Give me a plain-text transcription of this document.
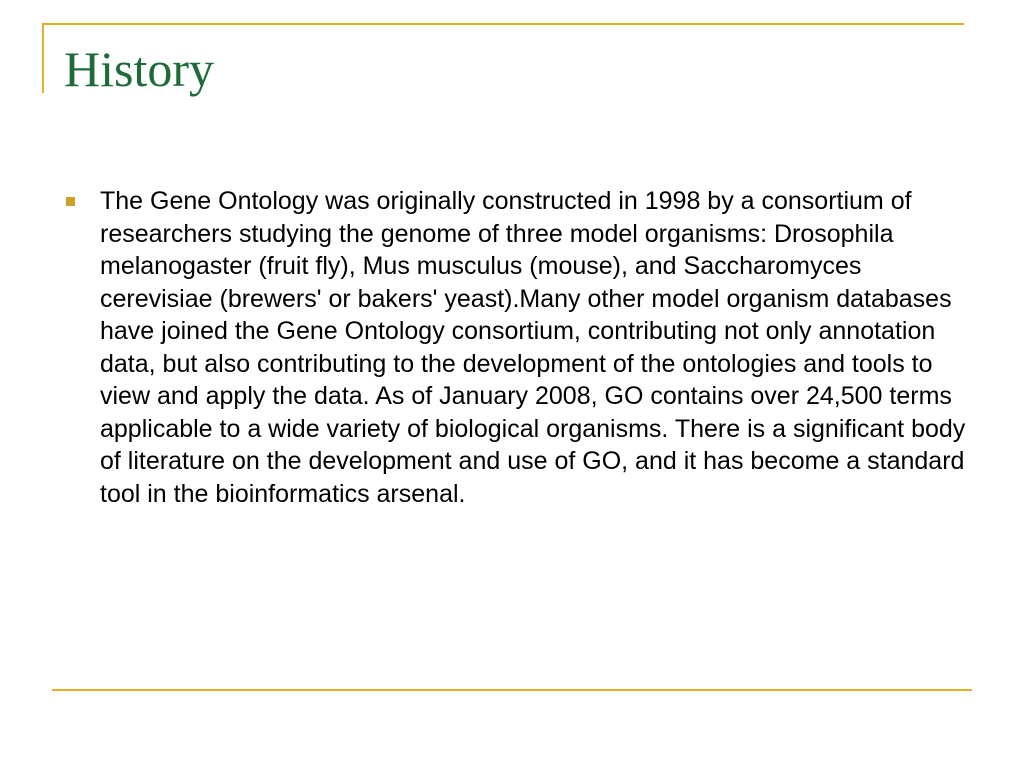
History

The Gene Ontology was originally constructed in 1998 by a consortium of researchers studying the genome of three model organisms: Drosophila melanogaster (fruit fly), Mus musculus (mouse), and Saccharomyces cerevisiae (brewers' or bakers' yeast).Many other model organism databases have joined the Gene Ontology consortium, contributing not only annotation data, but also contributing to the development of the ontologies and tools to view and apply the data. As of January 2008, GO contains over 24,500 terms applicable to a wide variety of biological organisms. There is a significant body of literature on the development and use of GO, and it has become a standard tool in the bioinformatics arsenal.
